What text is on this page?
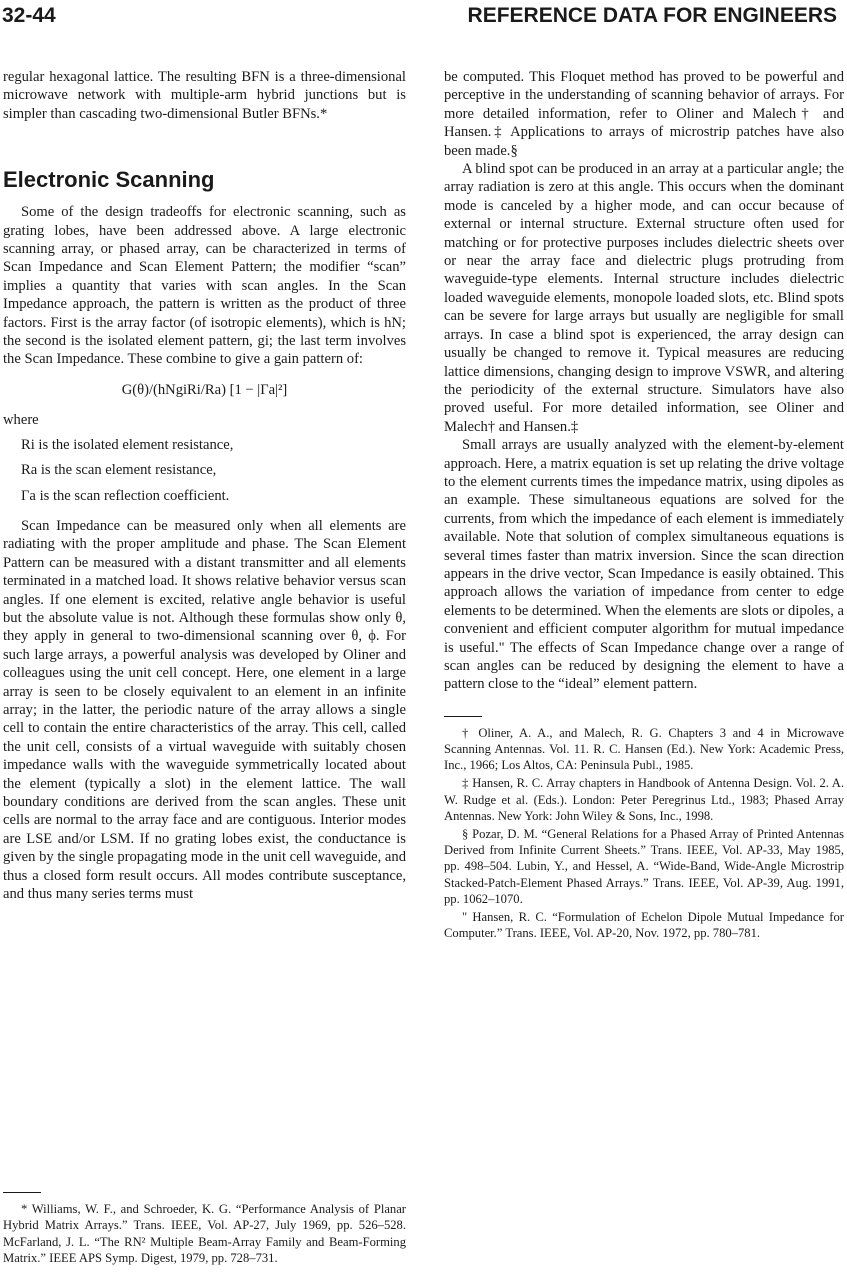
32-44	REFERENCE DATA FOR ENGINEERS

regular hexagonal lattice. The resulting BFN is a three-dimensional microwave network with multiple-arm hybrid junctions but is simpler than cascading two-dimensional Butler BFNs.*

Electronic Scanning

Some of the design tradeoffs for electronic scanning, such as grating lobes, have been addressed above. A large electronic scanning array, or phased array, can be characterized in terms of Scan Impedance and Scan Element Pattern; the modifier “scan” implies a quantity that varies with scan angles. In the Scan Impedance approach, the pattern is written as the product of three factors. First is the array factor (of isotropic elements), which is hN; the second is the isolated element pattern, gi; the last term involves the Scan Impedance. These combine to give a gain pattern of:

G(θ)/(hNgiRi/Ra) [1 − |Γa|²]

where

Ri is the isolated element resistance,
Ra is the scan element resistance,
Γa is the scan reflection coefficient.

Scan Impedance can be measured only when all elements are radiating with the proper amplitude and phase. The Scan Element Pattern can be measured with a distant transmitter and all elements terminated in a matched load. It shows relative behavior versus scan angles. If one element is excited, relative angle behavior is useful but the absolute value is not. Although these formulas show only θ, they apply in general to two-dimensional scanning over θ, ϕ. For such large arrays, a powerful analysis was developed by Oliner and colleagues using the unit cell concept. Here, one element in a large array is seen to be closely equivalent to an element in an infinite array; in the latter, the periodic nature of the array allows a single cell to contain the entire characteristics of the array. This cell, called the unit cell, consists of a virtual waveguide with suitably chosen impedance walls with the waveguide symmetrically located about the element (typically a slot) in the element lattice. The wall boundary conditions are derived from the scan angles. These unit cells are normal to the array face and are contiguous. Interior modes are LSE and/or LSM. If no grating lobes exist, the conductance is given by the single propagating mode in the unit cell waveguide, and thus a closed form result occurs. All modes contribute susceptance, and thus many series terms must

* Williams, W. F., and Schroeder, K. G. “Performance Analysis of Planar Hybrid Matrix Arrays.” Trans. IEEE, Vol. AP-27, July 1969, pp. 526–528. McFarland, J. L. “The RN² Multiple Beam-Array Family and Beam-Forming Matrix.” IEEE APS Symp. Digest, 1979, pp. 728–731.

be computed. This Floquet method has proved to be powerful and perceptive in the understanding of scanning behavior of arrays. For more detailed information, refer to Oliner and Malech† and Hansen.‡ Applications to arrays of microstrip patches have also been made.§

A blind spot can be produced in an array at a particular angle; the array radiation is zero at this angle. This occurs when the dominant mode is canceled by a higher mode, and can occur because of external or internal structure. External structure often used for matching or for protective purposes includes dielectric sheets over or near the array face and dielectric plugs protruding from waveguide-type elements. Internal structure includes dielectric loaded waveguide elements, monopole loaded slots, etc. Blind spots can be severe for large arrays but usually are negligible for small arrays. In case a blind spot is experienced, the array design can usually be changed to remove it. Typical measures are reducing lattice dimensions, changing design to improve VSWR, and altering the periodicity of the external structure. Simulators have also proved useful. For more detailed information, see Oliner and Malech† and Hansen.‡

Small arrays are usually analyzed with the element-by-element approach. Here, a matrix equation is set up relating the drive voltage to the element currents times the impedance matrix, using dipoles as an example. These simultaneous equations are solved for the currents, from which the impedance of each element is immediately available. Note that solution of complex simultaneous equations is several times faster than matrix inversion. Since the scan direction appears in the drive vector, Scan Impedance is easily obtained. This approach allows the variation of impedance from center to edge elements to be determined. When the elements are slots or dipoles, a convenient and efficient computer algorithm for mutual impedance is useful." The effects of Scan Impedance change over a range of scan angles can be reduced by designing the element to have a pattern close to the “ideal” element pattern.

† Oliner, A. A., and Malech, R. G. Chapters 3 and 4 in Microwave Scanning Antennas. Vol. 11. R. C. Hansen (Ed.). New York: Academic Press, Inc., 1966; Los Altos, CA: Peninsula Publ., 1985.

‡ Hansen, R. C. Array chapters in Handbook of Antenna Design. Vol. 2. A. W. Rudge et al. (Eds.). London: Peter Peregrinus Ltd., 1983; Phased Array Antennas. New York: John Wiley & Sons, Inc., 1998.

§ Pozar, D. M. “General Relations for a Phased Array of Printed Antennas Derived from Infinite Current Sheets.” Trans. IEEE, Vol. AP-33, May 1985, pp. 498–504. Lubin, Y., and Hessel, A. “Wide-Band, Wide-Angle Microstrip Stacked-Patch-Element Phased Arrays.” Trans. IEEE, Vol. AP-39, Aug. 1991, pp. 1062–1070.

" Hansen, R. C. “Formulation of Echelon Dipole Mutual Impedance for Computer.” Trans. IEEE, Vol. AP-20, Nov. 1972, pp. 780–781.
